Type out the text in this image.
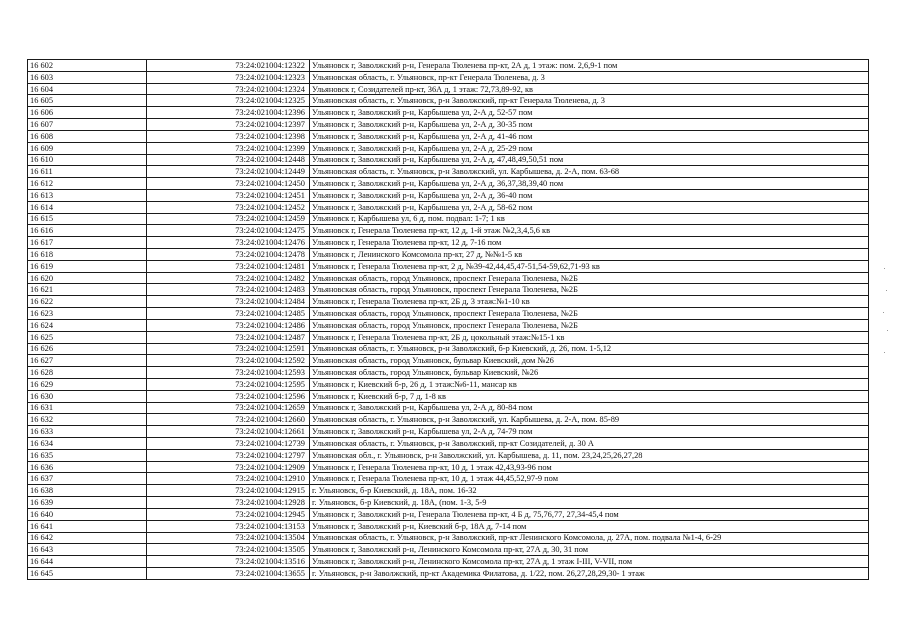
16 602	73:24:021004:12322	Ульяновск г, Заволжский р-н, Генерала Тюленева пр-кт, 2А д, 1 этаж: пом. 2,6,9-1 пом
16 603	73:24:021004:12323	Ульяновская область, г. Ульяновск, пр-кт Генерала Тюленева, д. 3
16 604	73:24:021004:12324	Ульяновск г, Созидателей пр-кт, 36А д, 1 этаж: 72,73,89-92, кв
16 605	73:24:021004:12325	Ульяновская область, г. Ульяновск, р-н Заволжский, пр-кт Генерала Тюленева, д. 3
16 606	73:24:021004:12396	Ульяновск г, Заволжский р-н, Карбышева ул, 2-А д, 52-57 пом
16 607	73:24:021004:12397	Ульяновск г, Заволжский р-н, Карбышева ул, 2-А д, 30-35 пом
16 608	73:24:021004:12398	Ульяновск г, Заволжский р-н, Карбышева ул, 2-А д, 41-46 пом
16 609	73:24:021004:12399	Ульяновск г, Заволжский р-н, Карбышева ул, 2-А д, 25-29 пом
16 610	73:24:021004:12448	Ульяновск г, Заволжский р-н, Карбышева ул, 2-А д, 47,48,49,50,51 пом
16 611	73:24:021004:12449	Ульяновская область, г. Ульяновск, р-н Заволжский, ул. Карбышева, д. 2-А, пом. 63-68
16 612	73:24:021004:12450	Ульяновск г, Заволжский р-н, Карбышева ул, 2-А д, 36,37,38,39,40 пом
16 613	73:24:021004:12451	Ульяновск г, Заволжский р-н, Карбышева ул, 2-А д, 36-40 пом
16 614	73:24:021004:12452	Ульяновск г, Заволжский р-н, Карбышева ул, 2-А д, 58-62 пом
16 615	73:24:021004:12459	Ульяновск г, Карбышева ул, 6 д, пом. подвал: 1-7; 1 кв
16 616	73:24:021004:12475	Ульяновск г, Генерала Тюленева пр-кт, 12 д, 1-й этаж №2,3,4,5,6 кв
16 617	73:24:021004:12476	Ульяновск г, Генерала Тюленева пр-кт, 12 д, 7-16 пом
16 618	73:24:021004:12478	Ульяновск г, Ленинского Комсомола пр-кт, 27 д, №№1-5 кв
16 619	73:24:021004:12481	Ульяновск г, Генерала Тюленева пр-кт, 2 д, №39-42,44,45,47-51,54-59,62,71-93 кв
16 620	73:24:021004:12482	Ульяновская область, город Ульяновск, проспект Генерала Тюленева, №2Б
16 621	73:24:021004:12483	Ульяновская область, город Ульяновск, проспект Генерала Тюленева, №2Б
16 622	73:24:021004:12484	Ульяновск г, Генерала Тюленева пр-кт, 2Б д, 3 этаж:№1-10 кв
16 623	73:24:021004:12485	Ульяновская область, город Ульяновск, проспект Генерала Тюленева, №2Б
16 624	73:24:021004:12486	Ульяновская область, город Ульяновск, проспект Генерала Тюленева, №2Б
16 625	73:24:021004:12487	Ульяновск г, Генерала Тюленева пр-кт, 2Б д, цокольный этаж:№15-1 кв
16 626	73:24:021004:12591	Ульяновская область, г. Ульяновск, р-н Заволжский, б-р Киевский, д. 26, пом. 1-5,12
16 627	73:24:021004:12592	Ульяновская область, город Ульяновск, бульвар Киевский, дом №26
16 628	73:24:021004:12593	Ульяновская область, город Ульяновск, бульвар Киевский, №26
16 629	73:24:021004:12595	Ульяновск г, Киевский б-р, 26 д, 1 этаж:№6-11, мансар кв
16 630	73:24:021004:12596	Ульяновск г, Киевский б-р, 7 д, 1-8 кв
16 631	73:24:021004:12659	Ульяновск г, Заволжский р-н, Карбышева ул, 2-А д, 80-84 пом
16 632	73:24:021004:12660	Ульяновская область, г. Ульяновск, р-н Заволжский, ул. Карбышева, д. 2-А, пом. 85-89
16 633	73:24:021004:12661	Ульяновск г, Заволжский р-н, Карбышева ул, 2-А д, 74-79 пом
16 634	73:24:021004:12739	Ульяновская область, г. Ульяновск, р-н Заволжский, пр-кт Созидателей, д. 30 А
16 635	73:24:021004:12797	Ульяновская обл., г. Ульяновск, р-н Заволжский, ул. Карбышева, д. 11, пом. 23,24,25,26,27,28
16 636	73:24:021004:12909	Ульяновск г, Генерала Тюленева пр-кт, 10 д, 1 этаж 42,43,93-96 пом
16 637	73:24:021004:12910	Ульяновск г, Генерала Тюленева пр-кт, 10 д, 1 этаж 44,45,52,97-9 пом
16 638	73:24:021004:12915	г. Ульяновск, б-р Киевский, д. 18А, пом. 16-32
16 639	73:24:021004:12928	г. Ульяновск, б-р Киевский, д. 18А, (пом. 1-3, 5-9
16 640	73:24:021004:12945	Ульяновск г, Заволжский р-н, Генерала Тюленева пр-кт, 4 Б д, 75,76,77, 27,34-45,4 пом
16 641	73:24:021004:13153	Ульяновск г, Заволжский р-н, Киевский б-р, 18А д, 7-14 пом
16 642	73:24:021004:13504	Ульяновская область, г. Ульяновск, р-н Заволжский, пр-кт Ленинского Комсомола, д. 27А, пом. подвала №1-4, 6-29
16 643	73:24:021004:13505	Ульяновск г, Заволжский р-н, Ленинского Комсомола пр-кт, 27А д, 30, 31 пом
16 644	73:24:021004:13516	Ульяновск г, Заволжский р-н, Ленинского Комсомола пр-кт, 27А д, 1 этаж I-III, V-VII, пом
16 645	73:24:021004:13655	г. Ульяновск, р-н Заволжский, пр-кт Академика Филатова, д. 1/22, пом. 26,27,28,29,30- 1 этаж
